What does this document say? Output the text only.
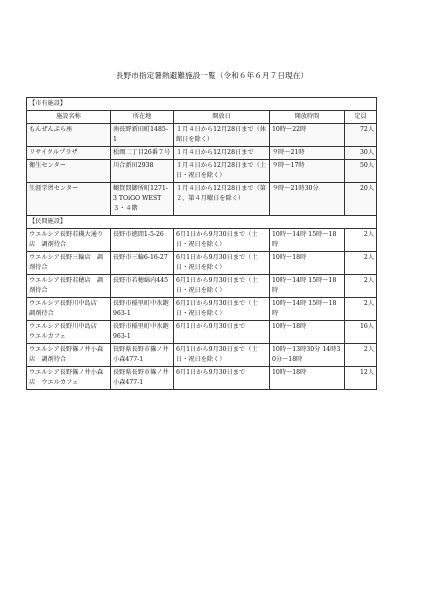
長野市指定暑熱避難施設一覧（令和６年６月７日現在）
【市有施設】				
施設名称	所在地	開放日	開放時間	定員
もんぜんぷら座	南長野新田町1485-1	１月４日から12月28日まで（休館日を除く）	10時～22時	72人
リサイクルプラザ	松岡二丁目26番７号	１月４日から12月28日まで	９時～21時	30人
衛生センター	川合新田2938	１月４日から12月28日まで（土日・祝日を除く）	９時～17時	50人
生涯学習センター	鶴賀問御所町1271-3 TOiGO WEST３・４階	１月４日から12月28日まで（第２、第４月曜日を除く）	９時～21時30分	20人
【民間施設】				
ウエルシア長野若槻大通り店　調剤待合	長野市徳間1-5-26	6月1日から9月30日まで（土日・祝日を除く）	10時～14時 15時～18時	2人
ウエルシア長野三輪店　調剤待合	長野市三輪6-16-27	6月1日から9月30日まで（土日・祝日を除く）	10時～18時	2人
ウエルシア長野若穂店　調剤待合	長野市若穂綿内445	6月1日から9月30日まで（土日・祝日を除く）	10時～14時 15時～18時	2人
ウエルシア長野川中島店　調剤待合	長野市稲里町中氷鉋963-1	6月1日から9月30日まで（土日・祝日を除く）	10時～14時 15時～18時	2人
ウエルシア長野川中島店　ウエルカフェ	長野市稲里町中氷鉋963-1	6月1日から9月30日まで	10時～18時	16人
ウエルシア長野篠ノ井小森店　調剤待合	長野県長野市篠ノ井小森477-1	6月1日から9月30日まで（土日・祝日を除く）	10時～13時30分 14時30分～18時	2人
ウエルシア長野篠ノ井小森店　ウエルカフェ	長野県長野市篠ノ井小森477-1	6月1日から9月30日まで	10時～18時	12人
